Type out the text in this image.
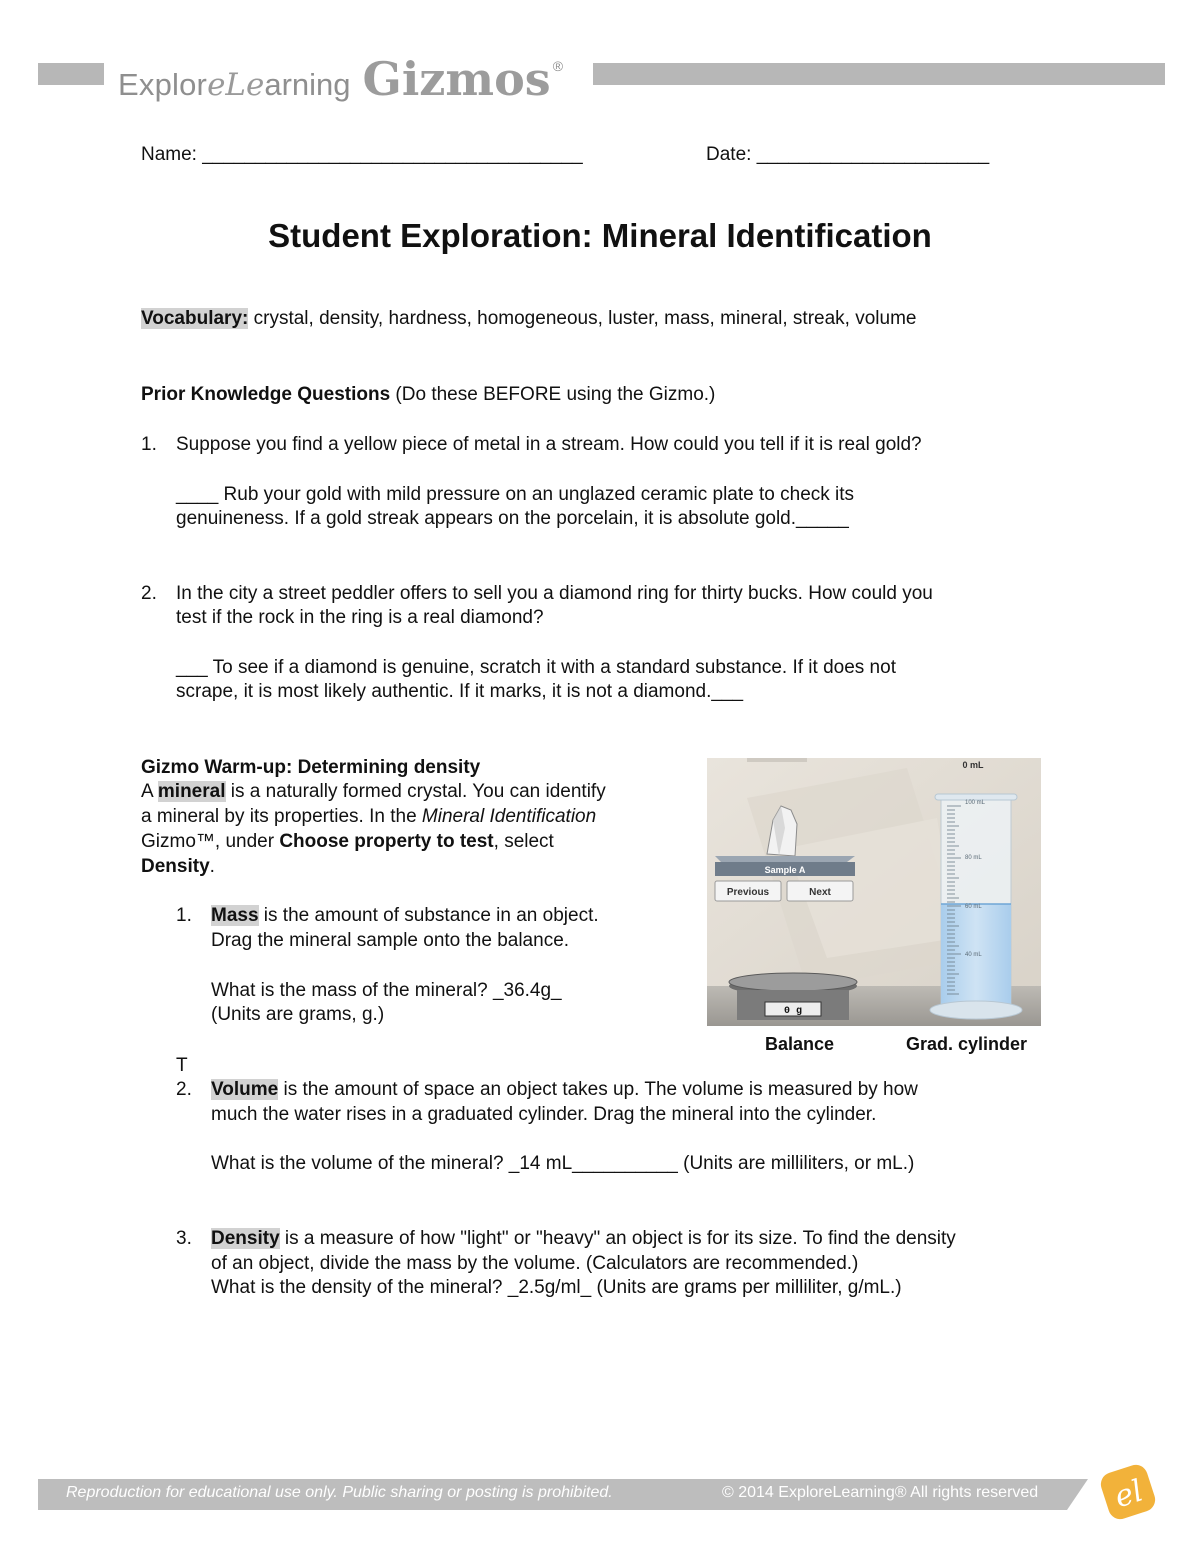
Explor eLe arning Gizmos ®
Name: ____________________________________	Date: ______________________
Student Exploration: Mineral Identification
Vocabulary: crystal, density, hardness, homogeneous, luster, mass, mineral, streak, volume
Prior Knowledge Questions (Do these BEFORE using the Gizmo.)
1. Suppose you find a yellow piece of metal in a stream. How could you tell if it is real gold?
____ Rub your gold with mild pressure on an unglazed ceramic plate to check its
genuineness. If a gold streak appears on the porcelain, it is absolute gold._____
2. In the city a street peddler offers to sell you a diamond ring for thirty bucks. How could you
test if the rock in the ring is a real diamond?
___ To see if a diamond is genuine, scratch it with a standard substance. If it does not
scrape, it is most likely authentic. If it marks, it is not a diamond.___
Gizmo Warm-up: Determining density
A mineral is a naturally formed crystal. You can identify
a mineral by its properties. In the Mineral Identification
Gizmo™, under Choose property to test, select
Density.
1. Mass is the amount of substance in an object.
Drag the mineral sample onto the balance.
What is the mass of the mineral? _36.4g_
(Units are grams, g.)
T
2. Volume is the amount of space an object takes up. The volume is measured by how
much the water rises in a graduated cylinder. Drag the mineral into the cylinder.
What is the volume of the mineral? _14 mL__________ (Units are milliliters, or mL.)
3. Density is a measure of how "light" or "heavy" an object is for its size. To find the density
of an object, divide the mass by the volume. (Calculators are recommended.)
What is the density of the mineral? _2.5g/ml_ (Units are grams per milliliter, g/mL.)
Sample A
Previous	Next
0 g
0 mL
100 mL
80 mL
60 mL
40 mL
Balance	Grad. cylinder
Reproduction for educational use only. Public sharing or posting is prohibited.	© 2014 ExploreLearning® All rights reserved el
